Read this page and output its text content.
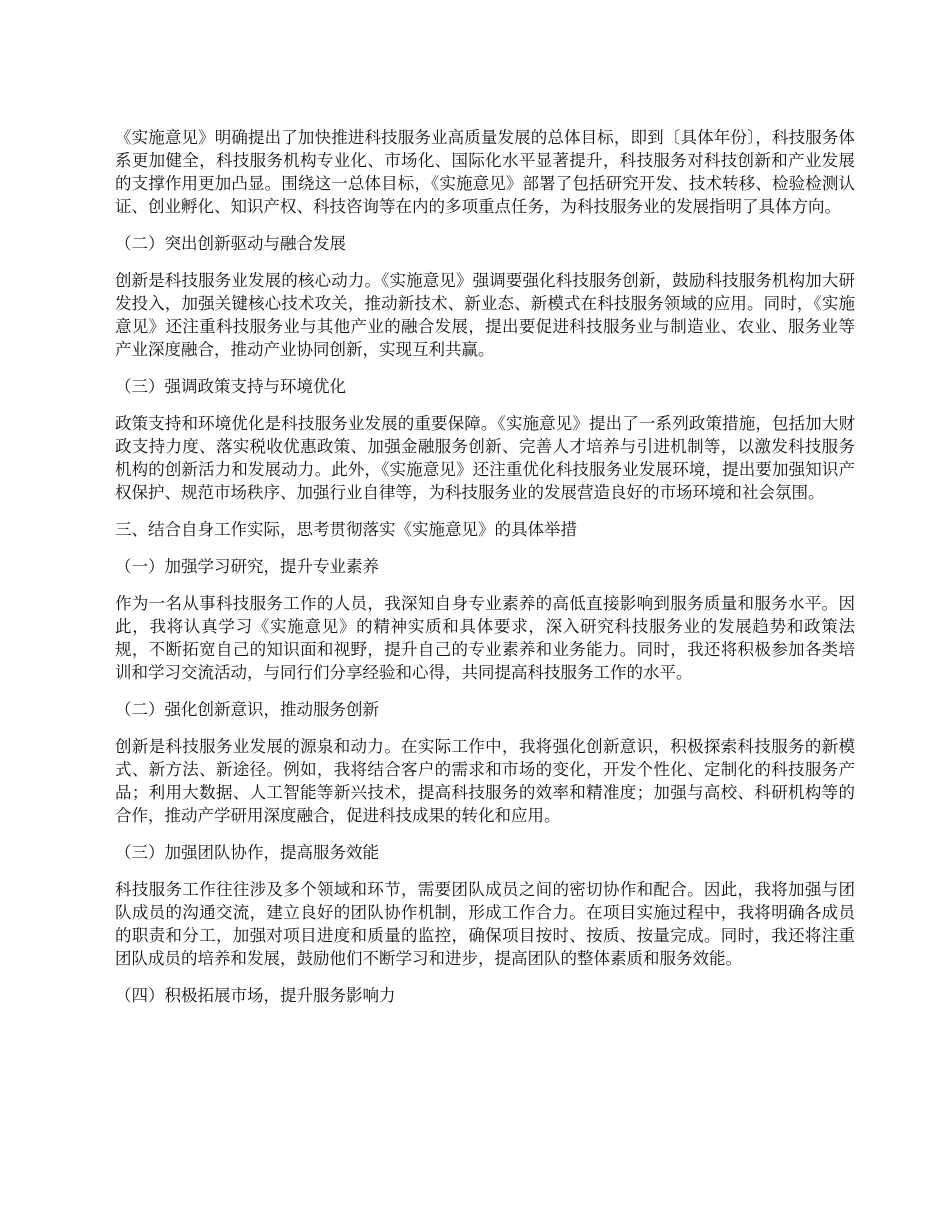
《实施意见》明确提出了加快推进科技服务业高质量发展的总体目标，即到〔具体年份〕，科技服务体系更加健全，科技服务机构专业化、市场化、国际化水平显著提升，科技服务对科技创新和产业发展的支撑作用更加凸显。围绕这一总体目标，《实施意见》部署了包括研究开发、技术转移、检验检测认证、创业孵化、知识产权、科技咨询等在内的多项重点任务，为科技服务业的发展指明了具体方向。

（二）突出创新驱动与融合发展

创新是科技服务业发展的核心动力。《实施意见》强调要强化科技服务创新，鼓励科技服务机构加大研发投入，加强关键核心技术攻关，推动新技术、新业态、新模式在科技服务领域的应用。同时，《实施意见》还注重科技服务业与其他产业的融合发展，提出要促进科技服务业与制造业、农业、服务业等产业深度融合，推动产业协同创新，实现互利共赢。

（三）强调政策支持与环境优化

政策支持和环境优化是科技服务业发展的重要保障。《实施意见》提出了一系列政策措施，包括加大财政支持力度、落实税收优惠政策、加强金融服务创新、完善人才培养与引进机制等，以激发科技服务机构的创新活力和发展动力。此外，《实施意见》还注重优化科技服务业发展环境，提出要加强知识产权保护、规范市场秩序、加强行业自律等，为科技服务业的发展营造良好的市场环境和社会氛围。

三、结合自身工作实际，思考贯彻落实《实施意见》的具体举措

（一）加强学习研究，提升专业素养

作为一名从事科技服务工作的人员，我深知自身专业素养的高低直接影响到服务质量和服务水平。因此，我将认真学习《实施意见》的精神实质和具体要求，深入研究科技服务业的发展趋势和政策法规，不断拓宽自己的知识面和视野，提升自己的专业素养和业务能力。同时，我还将积极参加各类培训和学习交流活动，与同行们分享经验和心得，共同提高科技服务工作的水平。

（二）强化创新意识，推动服务创新

创新是科技服务业发展的源泉和动力。在实际工作中，我将强化创新意识，积极探索科技服务的新模式、新方法、新途径。例如，我将结合客户的需求和市场的变化，开发个性化、定制化的科技服务产品；利用大数据、人工智能等新兴技术，提高科技服务的效率和精准度；加强与高校、科研机构等的合作，推动产学研用深度融合，促进科技成果的转化和应用。

（三）加强团队协作，提高服务效能

科技服务工作往往涉及多个领域和环节，需要团队成员之间的密切协作和配合。因此，我将加强与团队成员的沟通交流，建立良好的团队协作机制，形成工作合力。在项目实施过程中，我将明确各成员的职责和分工，加强对项目进度和质量的监控，确保项目按时、按质、按量完成。同时，我还将注重团队成员的培养和发展，鼓励他们不断学习和进步，提高团队的整体素质和服务效能。

（四）积极拓展市场，提升服务影响力
